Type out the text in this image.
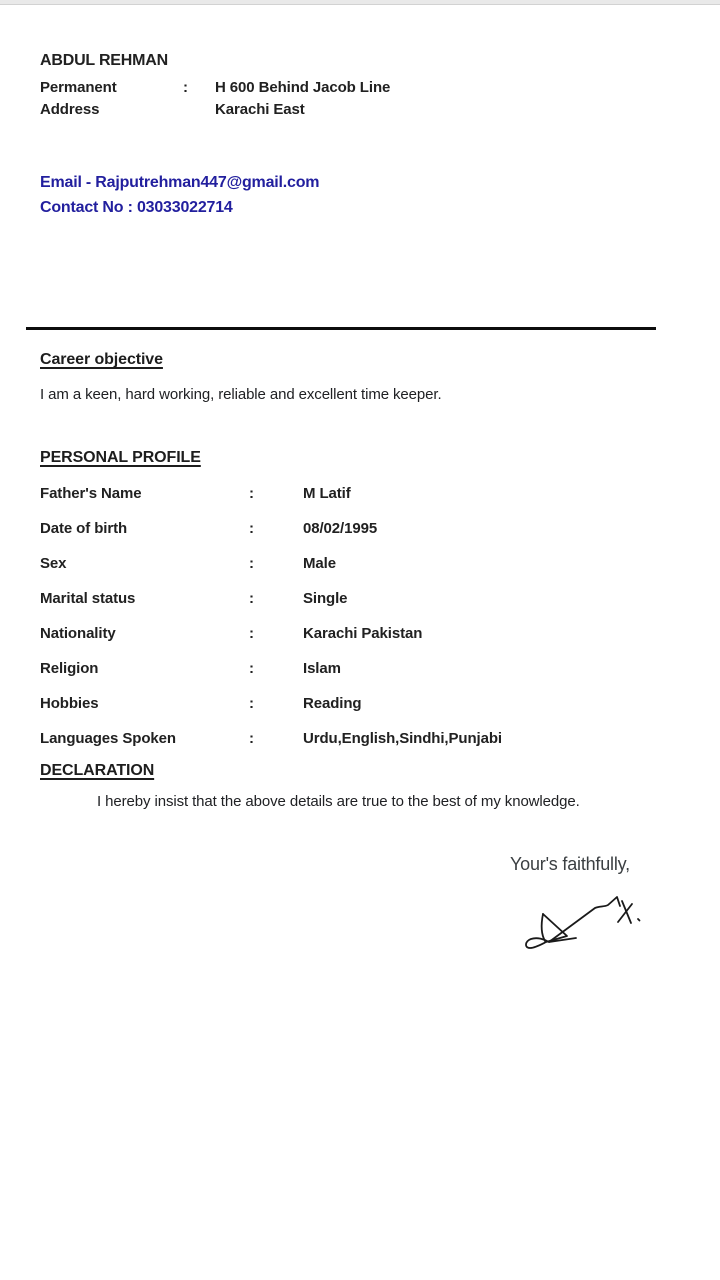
ABDUL REHMAN
Permanent	:	H 600 Behind Jacob Line
Address	Karachi East
Email - Rajputrehman447@gmail.com
Contact No : 03033022714
Career objective
I am a keen, hard working, reliable and excellent time keeper.
PERSONAL PROFILE
Father's Name	:	M Latif
Date of birth	:	08/02/1995
Sex	:	Male
Marital status	:	Single
Nationality	:	Karachi Pakistan
Religion	:	Islam
Hobbies	:	Reading
Languages Spoken	:	Urdu,English,Sindhi,Punjabi
DECLARATION
I hereby insist that the above details are true to the best of my knowledge.
Your's faithfully,
